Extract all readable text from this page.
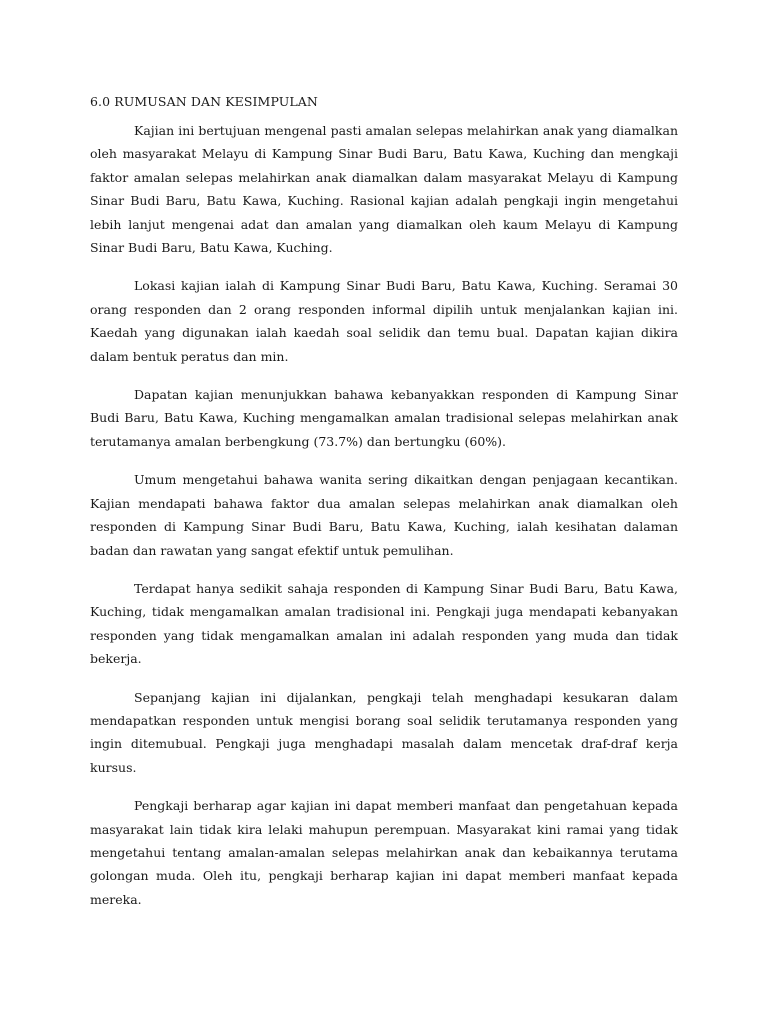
6.0 RUMUSAN DAN KESIMPULAN

Kajian ini bertujuan mengenal pasti amalan selepas melahirkan anak yang diamalkan oleh masyarakat Melayu di Kampung Sinar Budi Baru, Batu Kawa, Kuching dan mengkaji faktor amalan selepas melahirkan anak diamalkan dalam masyarakat Melayu di Kampung Sinar Budi Baru, Batu Kawa, Kuching. Rasional kajian adalah pengkaji ingin mengetahui lebih lanjut mengenai adat dan amalan yang diamalkan oleh kaum Melayu di Kampung Sinar Budi Baru, Batu Kawa, Kuching.

Lokasi kajian ialah di Kampung Sinar Budi Baru, Batu Kawa, Kuching. Seramai 30 orang responden dan 2 orang responden informal dipilih untuk menjalankan kajian ini. Kaedah yang digunakan ialah kaedah soal selidik dan temu bual. Dapatan kajian dikira dalam bentuk peratus dan min.

Dapatan kajian menunjukkan bahawa kebanyakkan responden di Kampung Sinar Budi Baru, Batu Kawa, Kuching mengamalkan amalan tradisional selepas melahirkan anak terutamanya amalan berbengkung (73.7%) dan bertungku (60%).

Umum mengetahui bahawa wanita sering dikaitkan dengan penjagaan kecantikan. Kajian mendapati bahawa faktor dua amalan selepas melahirkan anak diamalkan oleh responden di Kampung Sinar Budi Baru, Batu Kawa, Kuching, ialah kesihatan dalaman badan dan rawatan yang sangat efektif untuk pemulihan.

Terdapat hanya sedikit sahaja responden di Kampung Sinar Budi Baru, Batu Kawa, Kuching, tidak mengamalkan amalan tradisional ini. Pengkaji juga mendapati kebanyakan responden yang tidak mengamalkan amalan ini adalah responden yang muda dan tidak bekerja.

Sepanjang kajian ini dijalankan, pengkaji telah menghadapi kesukaran dalam mendapatkan responden untuk mengisi borang soal selidik terutamanya responden yang ingin ditemubual. Pengkaji juga menghadapi masalah dalam mencetak draf-draf kerja kursus.

Pengkaji berharap agar kajian ini dapat memberi manfaat dan pengetahuan kepada masyarakat lain tidak kira lelaki mahupun perempuan. Masyarakat kini ramai yang tidak mengetahui tentang amalan-amalan selepas melahirkan anak dan kebaikannya terutama golongan muda. Oleh itu, pengkaji berharap kajian ini dapat memberi manfaat kepada mereka.
